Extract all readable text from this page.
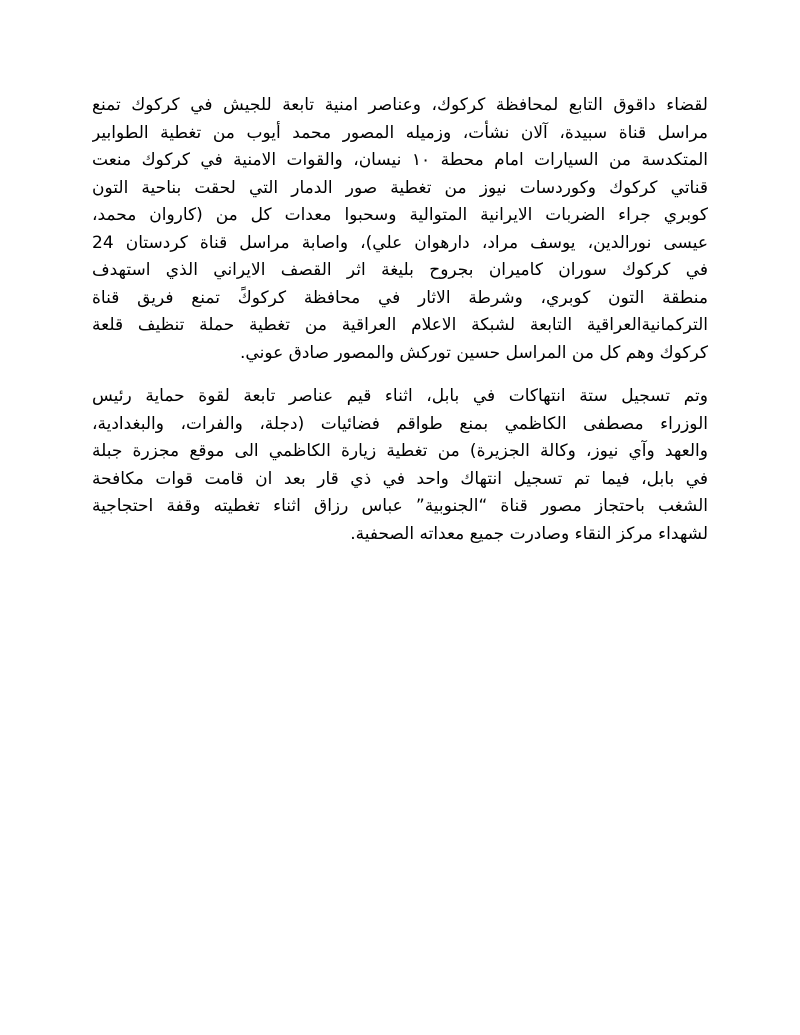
لقضاء داقوق التابع لمحافظة كركوك، وعناصر امنية تابعة للجيش في كركوك تمنع
مراسل قناة سبيدة، آلان نشأت، وزميله المصور محمد أيوب من تغطية الطوابير
المتكدسة من السيارات امام محطة ١٠ نيسان، والقوات الامنية في كركوك منعت
قناتي كركوك وكوردسات نيوز من تغطية صور الدمار التي لحقت بناحية التون
كوبري جراء الضربات الايرانية المتوالية وسحبوا معدات كل من (كاروان محمد،
عيسى نورالدين، يوسف مراد، دارهوان علي)، واصابة مراسل قناة كردستان 24
في كركوك سوران كاميران بجروح بليغة اثر القصف الايراني الذي استهدف
منطقة التون كوبري، وشرطة الاثار في محافظة كركوكً تمنع فريق قناة
التركمانيةالعراقية التابعة لشبكة الاعلام العراقية من تغطية حملة تنظيف قلعة
كركوك وهم كل من المراسل حسين توركش والمصور صادق عوني.

وتم تسجيل ستة انتهاكات في بابل، اثناء قيم عناصر تابعة لقوة حماية رئيس
الوزراء مصطفى الكاظمي بمنع طواقم فضائيات (دجلة، والفرات، والبغدادية،
والعهد وآي نيوز، وكالة الجزيرة) من تغطية زيارة الكاظمي الى موقع مجزرة جبلة
في بابل، فيما تم تسجيل انتهاك واحد في ذي قار بعد ان قامت قوات مكافحة
الشغب باحتجاز مصور قناة “الجنوبية” عباس رزاق اثناء تغطيته وقفة احتجاجية
لشهداء مركز النقاء وصادرت جميع معداته الصحفية.
